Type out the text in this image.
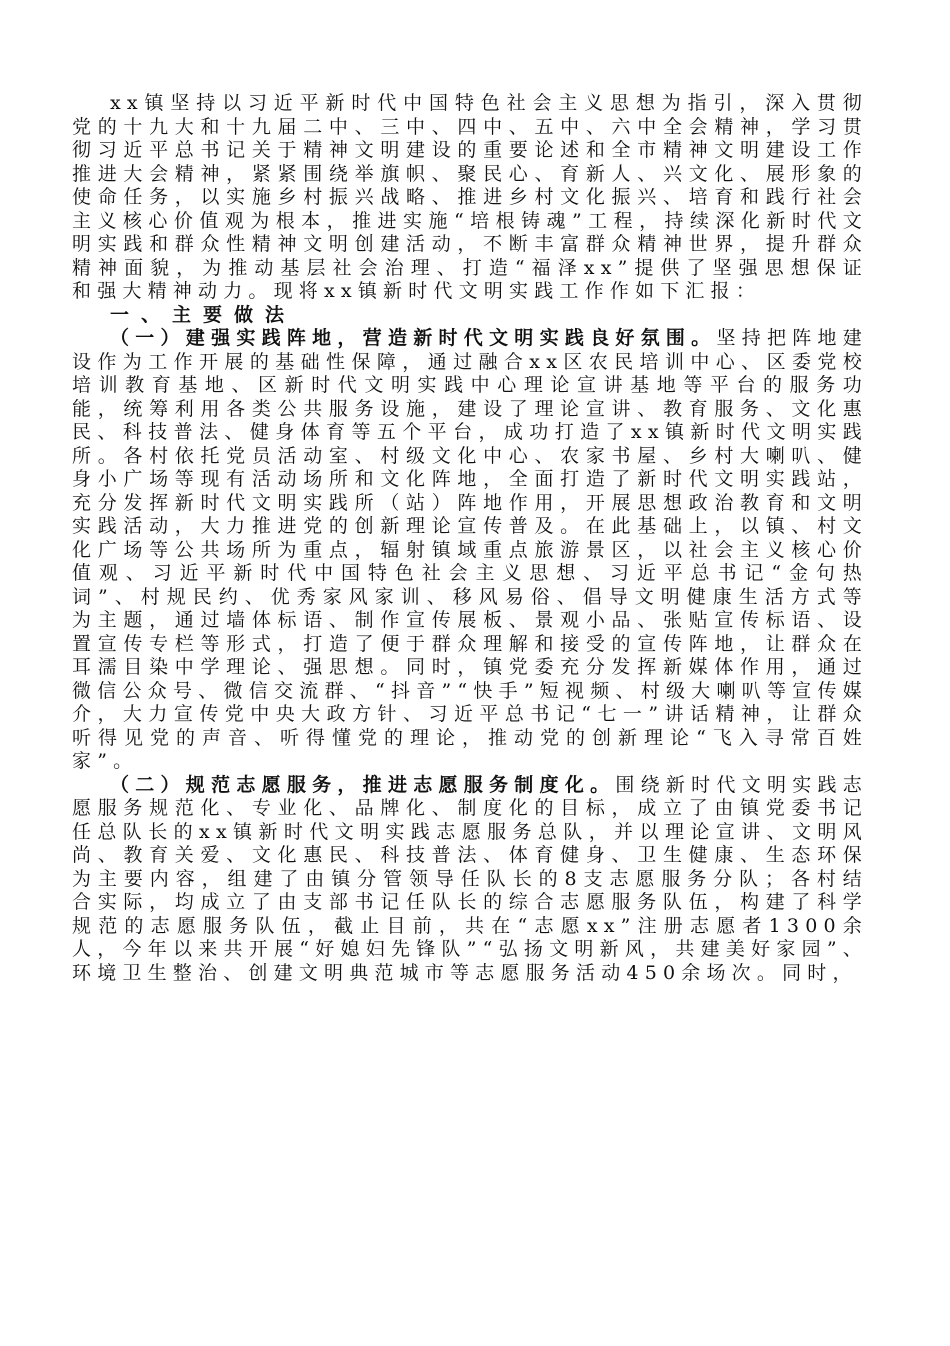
xx镇坚持以习近平新时代中国特色社会主义思想为指引，深入贯彻党的十九大和十九届二中、三中、四中、五中、六中全会精神，学习贯彻习近平总书记关于精神文明建设的重要论述和全市精神文明建设工作推进大会精神，紧紧围绕举旗帜、聚民心、育新人、兴文化、展形象的使命任务，以实施乡村振兴战略、推进乡村文化振兴、培育和践行社会主义核心价值观为根本，推进实施“培根铸魂”工程，持续深化新时代文明实践和群众性精神文明创建活动，不断丰富群众精神世界，提升群众精神面貌，为推动基层社会治理、打造“福泽xx”提供了坚强思想保证和强大精神动力。现将xx镇新时代文明实践工作作如下汇报：

一、主要做法

（一）建强实践阵地，营造新时代文明实践良好氛围。坚持把阵地建设作为工作开展的基础性保障，通过融合xx区农民培训中心、区委党校培训教育基地、区新时代文明实践中心理论宣讲基地等平台的服务功能，统筹利用各类公共服务设施，建设了理论宣讲、教育服务、文化惠民、科技普法、健身体育等五个平台，成功打造了xx镇新时代文明实践所。各村依托党员活动室、村级文化中心、农家书屋、乡村大喇叭、健身小广场等现有活动场所和文化阵地，全面打造了新时代文明实践站，充分发挥新时代文明实践所（站）阵地作用，开展思想政治教育和文明实践活动，大力推进党的创新理论宣传普及。在此基础上，以镇、村文化广场等公共场所为重点，辐射镇域重点旅游景区，以社会主义核心价值观、习近平新时代中国特色社会主义思想、习近平总书记“金句热词”、村规民约、优秀家风家训、移风易俗、倡导文明健康生活方式等为主题，通过墙体标语、制作宣传展板、景观小品、张贴宣传标语、设置宣传专栏等形式，打造了便于群众理解和接受的宣传阵地，让群众在耳濡目染中学理论、强思想。同时，镇党委充分发挥新媒体作用，通过微信公众号、微信交流群、“抖音”“快手”短视频、村级大喇叭等宣传媒介，大力宣传党中央大政方针、习近平总书记“七一”讲话精神，让群众听得见党的声音、听得懂党的理论，推动党的创新理论“飞入寻常百姓家”。

（二）规范志愿服务，推进志愿服务制度化。围绕新时代文明实践志愿服务规范化、专业化、品牌化、制度化的目标，成立了由镇党委书记任总队长的xx镇新时代文明实践志愿服务总队，并以理论宣讲、文明风尚、教育关爱、文化惠民、科技普法、体育健身、卫生健康、生态环保为主要内容，组建了由镇分管领导任队长的8支志愿服务分队；各村结合实际，均成立了由支部书记任队长的综合志愿服务队伍，构建了科学规范的志愿服务队伍，截止目前，共在“志愿xx”注册志愿者1300余人，今年以来共开展“好媳妇先锋队”“弘扬文明新风，共建美好家园”、环境卫生整治、创建文明典范城市等志愿服务活动450余场次。同时，
